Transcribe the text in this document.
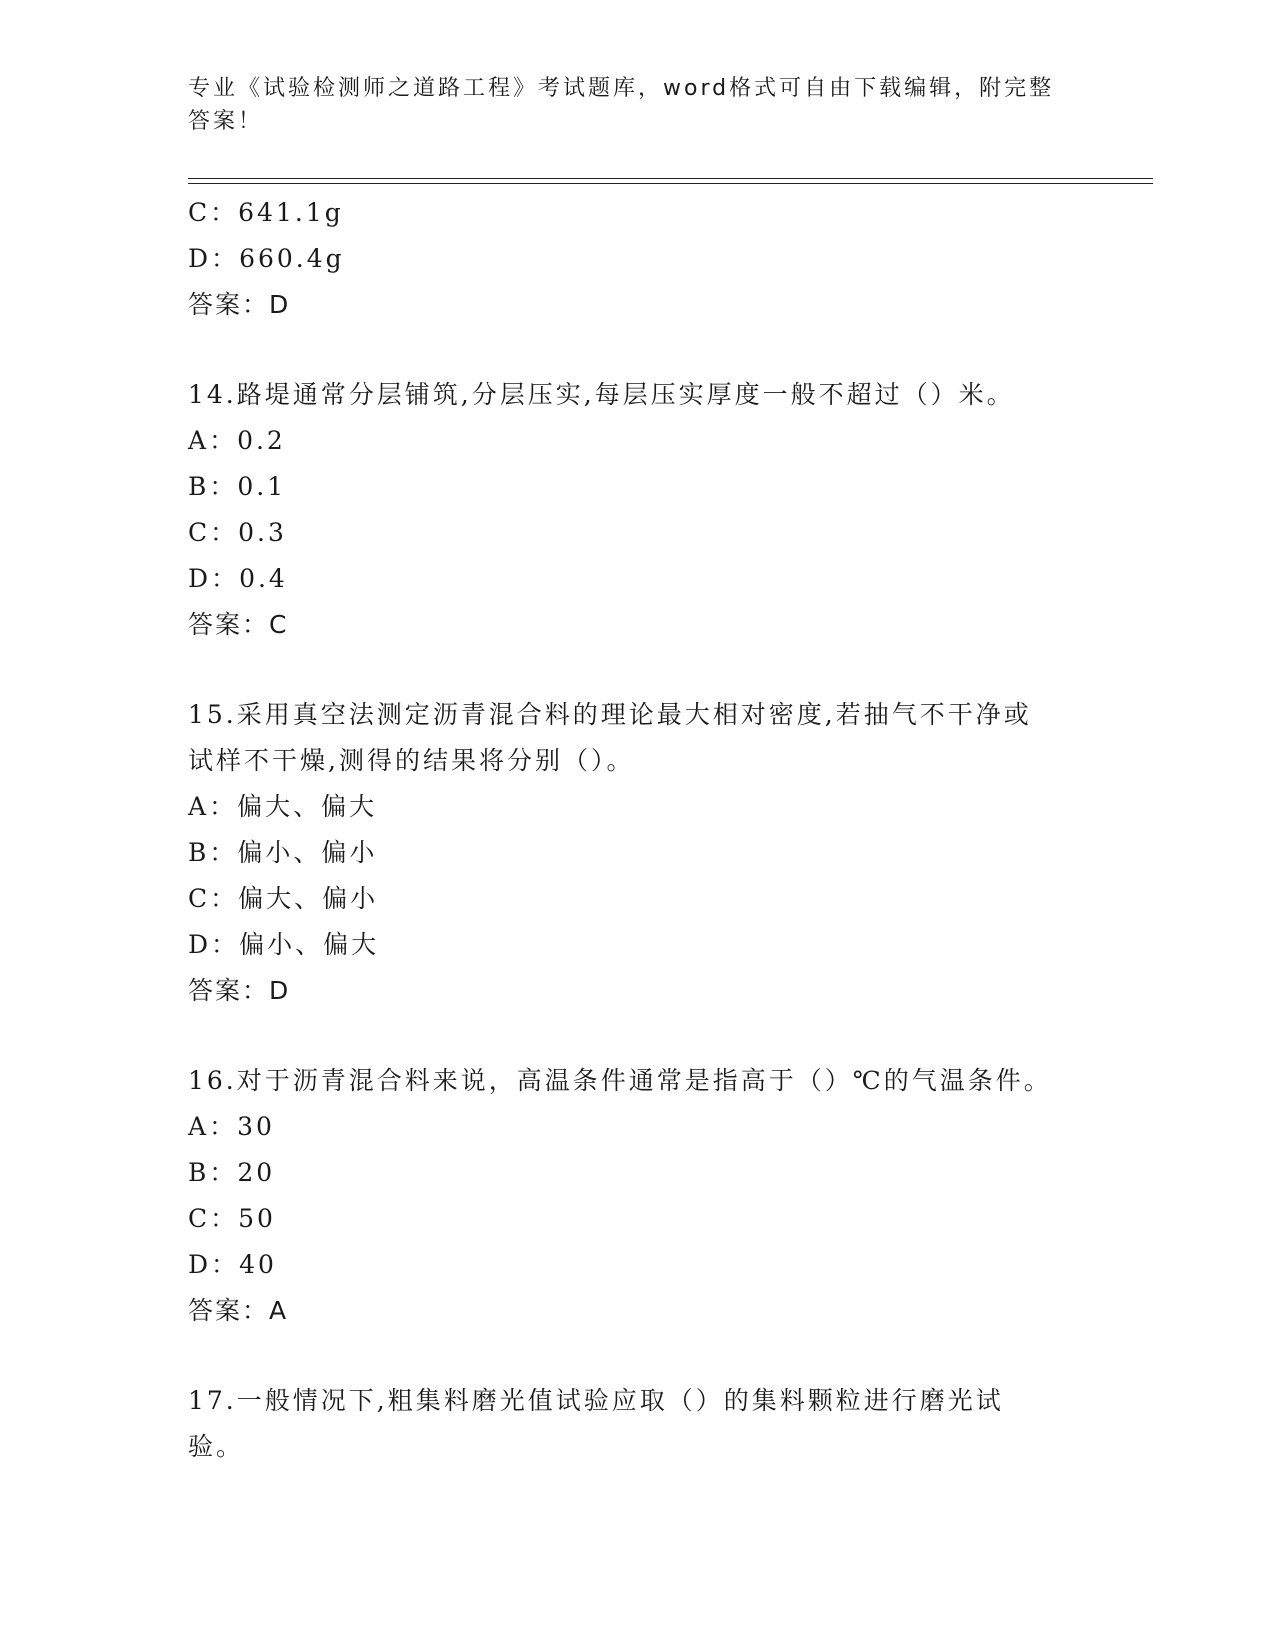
专业《试验检测师之道路工程》考试题库，word格式可自由下载编辑，附完整答案！
C：641.1g
D：660.4g
答案：D
14.路堤通常分层铺筑,分层压实,每层压实厚度一般不超过（）米。
A：0.2
B：0.1
C：0.3
D：0.4
答案：C
15.采用真空法测定沥青混合料的理论最大相对密度,若抽气不干净或试样不干燥,测得的结果将分别（）。
A：偏大、偏大
B：偏小、偏小
C：偏大、偏小
D：偏小、偏大
答案：D
16.对于沥青混合料来说，高温条件通常是指高于（）℃的气温条件。
A：30
B：20
C：50
D：40
答案：A
17.一般情况下,粗集料磨光值试验应取（）的集料颗粒进行磨光试验。
